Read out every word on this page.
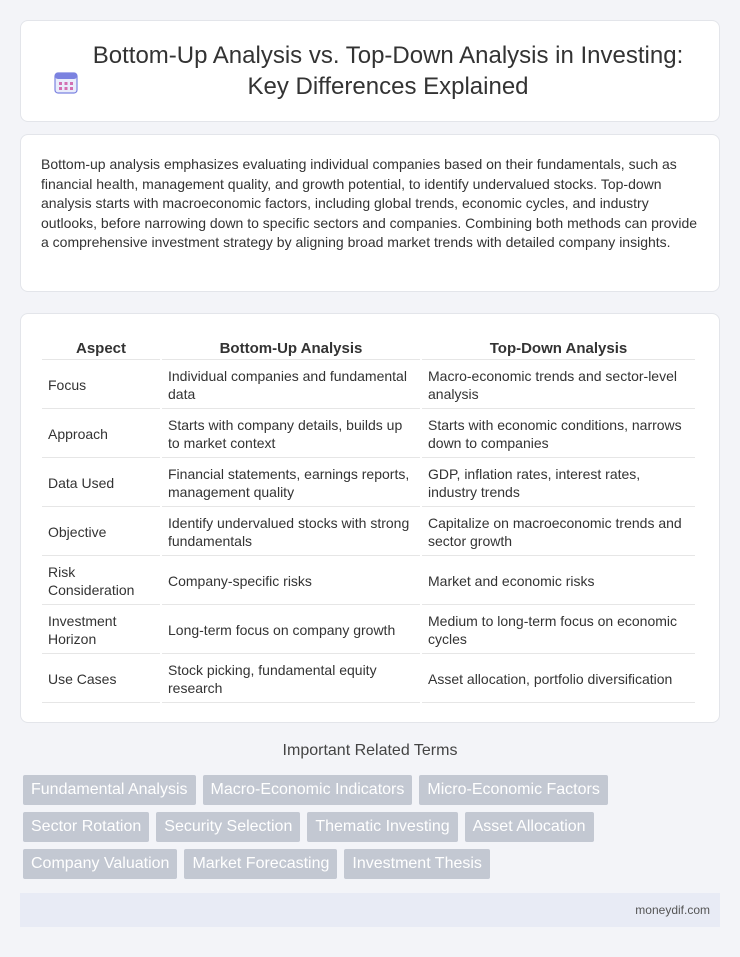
Bottom-Up Analysis vs. Top-Down Analysis in Investing: Key Differences Explained

Bottom-up analysis emphasizes evaluating individual companies based on their fundamentals, such as financial health, management quality, and growth potential, to identify undervalued stocks. Top-down analysis starts with macroeconomic factors, including global trends, economic cycles, and industry outlooks, before narrowing down to specific sectors and companies. Combining both methods can provide a comprehensive investment strategy by aligning broad market trends with detailed company insights.

Aspect	Bottom-Up Analysis	Top-Down Analysis
Focus	Individual companies and fundamental data	Macro-economic trends and sector-level analysis
Approach	Starts with company details, builds up to market context	Starts with economic conditions, narrows down to companies
Data Used	Financial statements, earnings reports, management quality	GDP, inflation rates, interest rates, industry trends
Objective	Identify undervalued stocks with strong fundamentals	Capitalize on macroeconomic trends and sector growth
Risk Consideration	Company-specific risks	Market and economic risks
Investment Horizon	Long-term focus on company growth	Medium to long-term focus on economic cycles
Use Cases	Stock picking, fundamental equity research	Asset allocation, portfolio diversification
Important Related Terms
Fundamental Analysis	Macro-Economic Indicators	Micro-Economic Factors
Sector Rotation	Security Selection	Thematic Investing	Asset Allocation
Company Valuation	Market Forecasting	Investment Thesis
moneydif.com
